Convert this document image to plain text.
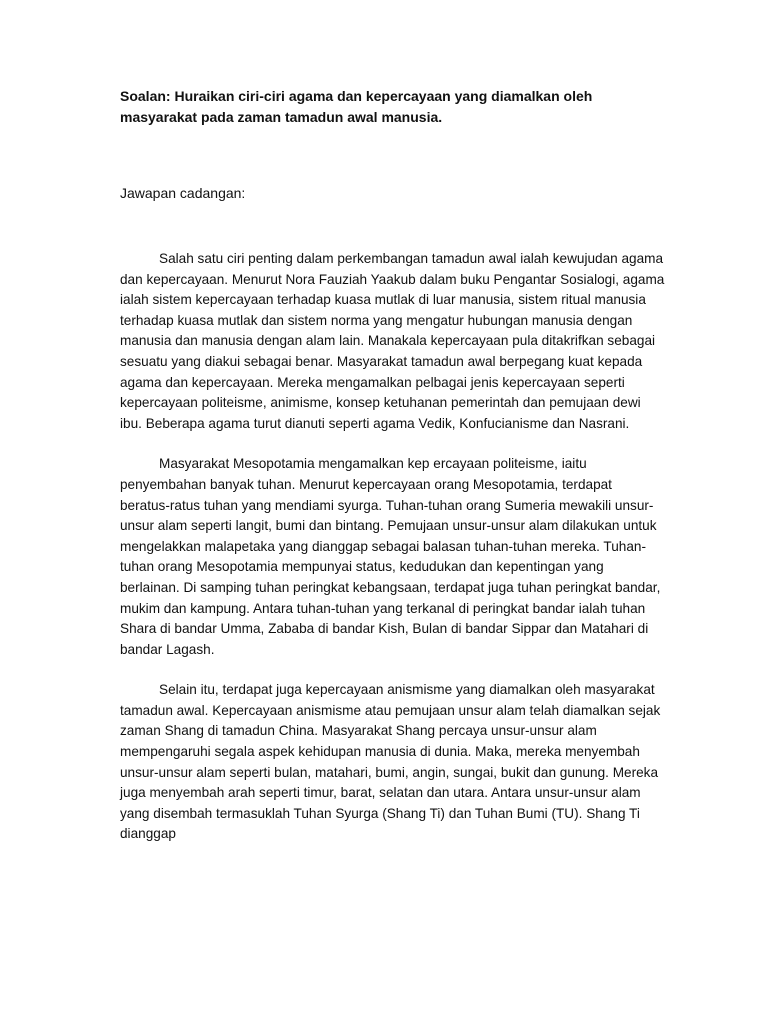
Soalan: Huraikan ciri-ciri agama dan kepercayaan yang diamalkan oleh masyarakat pada zaman tamadun awal manusia.

Jawapan cadangan:

Salah satu ciri penting dalam perkembangan tamadun awal ialah kewujudan agama dan kepercayaan. Menurut Nora Fauziah Yaakub dalam buku Pengantar Sosialogi, agama ialah sistem kepercayaan terhadap kuasa mutlak di luar manusia, sistem ritual manusia terhadap kuasa mutlak dan sistem norma yang mengatur hubungan manusia dengan manusia dan manusia dengan alam lain. Manakala kepercayaan pula ditakrifkan sebagai sesuatu yang diakui sebagai benar. Masyarakat tamadun awal berpegang kuat kepada agama dan kepercayaan. Mereka mengamalkan pelbagai jenis kepercayaan seperti kepercayaan politeisme, animisme, konsep ketuhanan pemerintah dan pemujaan dewi ibu. Beberapa agama turut dianuti seperti agama Vedik, Konfucianisme dan Nasrani.

Masyarakat Mesopotamia mengamalkan kep ercayaan politeisme, iaitu penyembahan banyak tuhan. Menurut kepercayaan orang Mesopotamia, terdapat beratus-ratus tuhan yang mendiami syurga. Tuhan-tuhan orang Sumeria mewakili unsur-unsur alam seperti langit, bumi dan bintang. Pemujaan unsur-unsur alam dilakukan untuk mengelakkan malapetaka yang dianggap sebagai balasan tuhan-tuhan mereka. Tuhan-tuhan orang Mesopotamia mempunyai status, kedudukan dan kepentingan yang berlainan. Di samping tuhan peringkat kebangsaan, terdapat juga tuhan peringkat bandar, mukim dan kampung. Antara tuhan-tuhan yang terkanal di peringkat bandar ialah tuhan Shara di bandar Umma, Zababa di bandar Kish, Bulan di bandar Sippar dan Matahari di bandar Lagash.

Selain itu, terdapat juga kepercayaan anismisme yang diamalkan oleh masyarakat tamadun awal. Kepercayaan anismisme atau pemujaan unsur alam telah diamalkan sejak zaman Shang di tamadun China. Masyarakat Shang percaya unsur-unsur alam mempengaruhi segala aspek kehidupan manusia di dunia. Maka, mereka menyembah unsur-unsur alam seperti bulan, matahari, bumi, angin, sungai, bukit dan gunung. Mereka juga menyembah arah seperti timur, barat, selatan dan utara. Antara unsur-unsur alam yang disembah termasuklah Tuhan Syurga (Shang Ti) dan Tuhan Bumi (TU). Shang Ti dianggap
